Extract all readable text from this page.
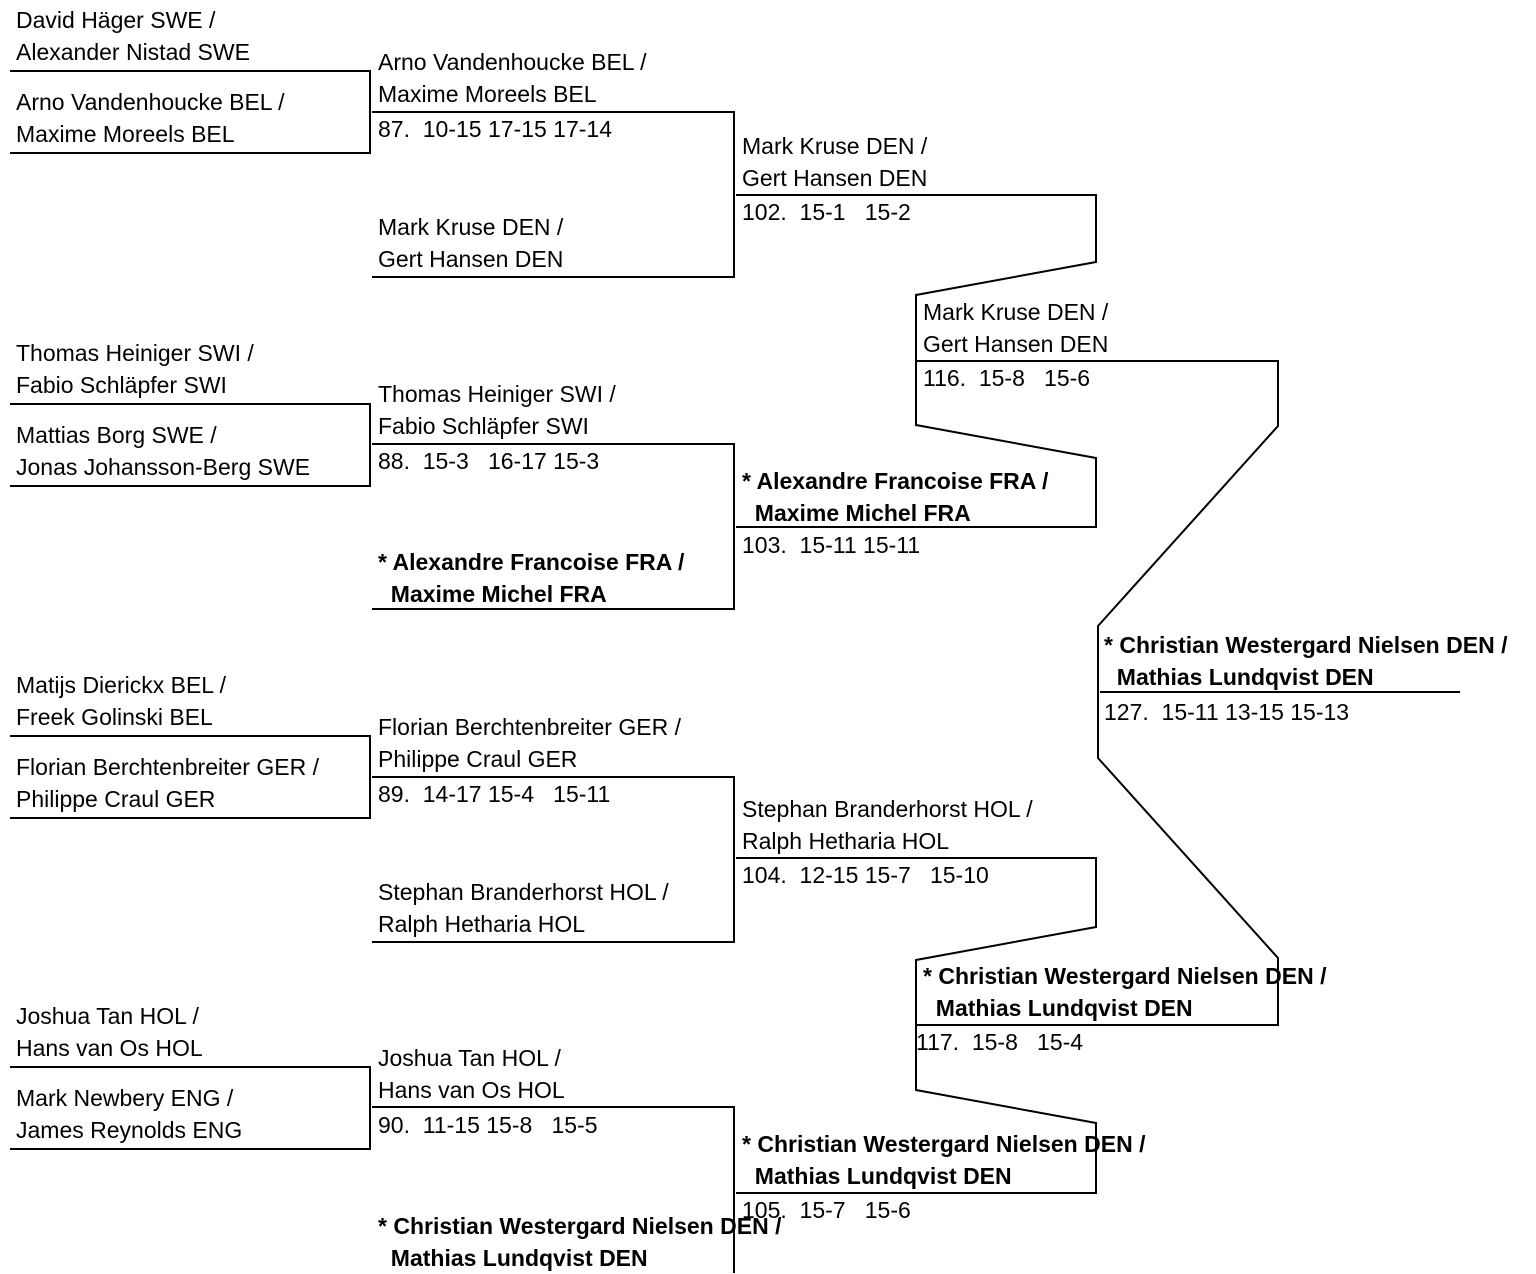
David Häger SWE /
Alexander Nistad SWE
Arno Vandenhoucke BEL /
Maxime Moreels BEL
Thomas Heiniger SWI /
Fabio Schläpfer SWI
Mattias Borg SWE /
Jonas Johansson-Berg SWE
Matijs Dierickx BEL /
Freek Golinski BEL
Florian Berchtenbreiter GER /
Philippe Craul GER
Joshua Tan HOL /
Hans van Os HOL
Mark Newbery ENG /
James Reynolds ENG
Arno Vandenhoucke BEL /
Maxime Moreels BEL
87.  10-15 17-15 17-14
Mark Kruse DEN /
Gert Hansen DEN
Thomas Heiniger SWI /
Fabio Schläpfer SWI
88.  15-3   16-17 15-3
* Alexandre Francoise FRA /
Maxime Michel FRA
Florian Berchtenbreiter GER /
Philippe Craul GER
89.  14-17 15-4   15-11
Stephan Branderhorst HOL /
Ralph Hetharia HOL
Joshua Tan HOL /
Hans van Os HOL
90.  11-15 15-8   15-5
* Christian Westergard Nielsen DEN /
Mathias Lundqvist DEN
Mark Kruse DEN /
Gert Hansen DEN
102.  15-1   15-2
* Alexandre Francoise FRA /
Maxime Michel FRA
103.  15-11 15-11
Stephan Branderhorst HOL /
Ralph Hetharia HOL
104.  12-15 15-7   15-10
* Christian Westergard Nielsen DEN /
Mathias Lundqvist DEN
105.  15-7   15-6
Mark Kruse DEN /
Gert Hansen DEN
116.  15-8   15-6
* Christian Westergard Nielsen DEN /
Mathias Lundqvist DEN
117.  15-8   15-4
* Christian Westergard Nielsen DEN /
Mathias Lundqvist DEN
127.  15-11 13-15 15-13
